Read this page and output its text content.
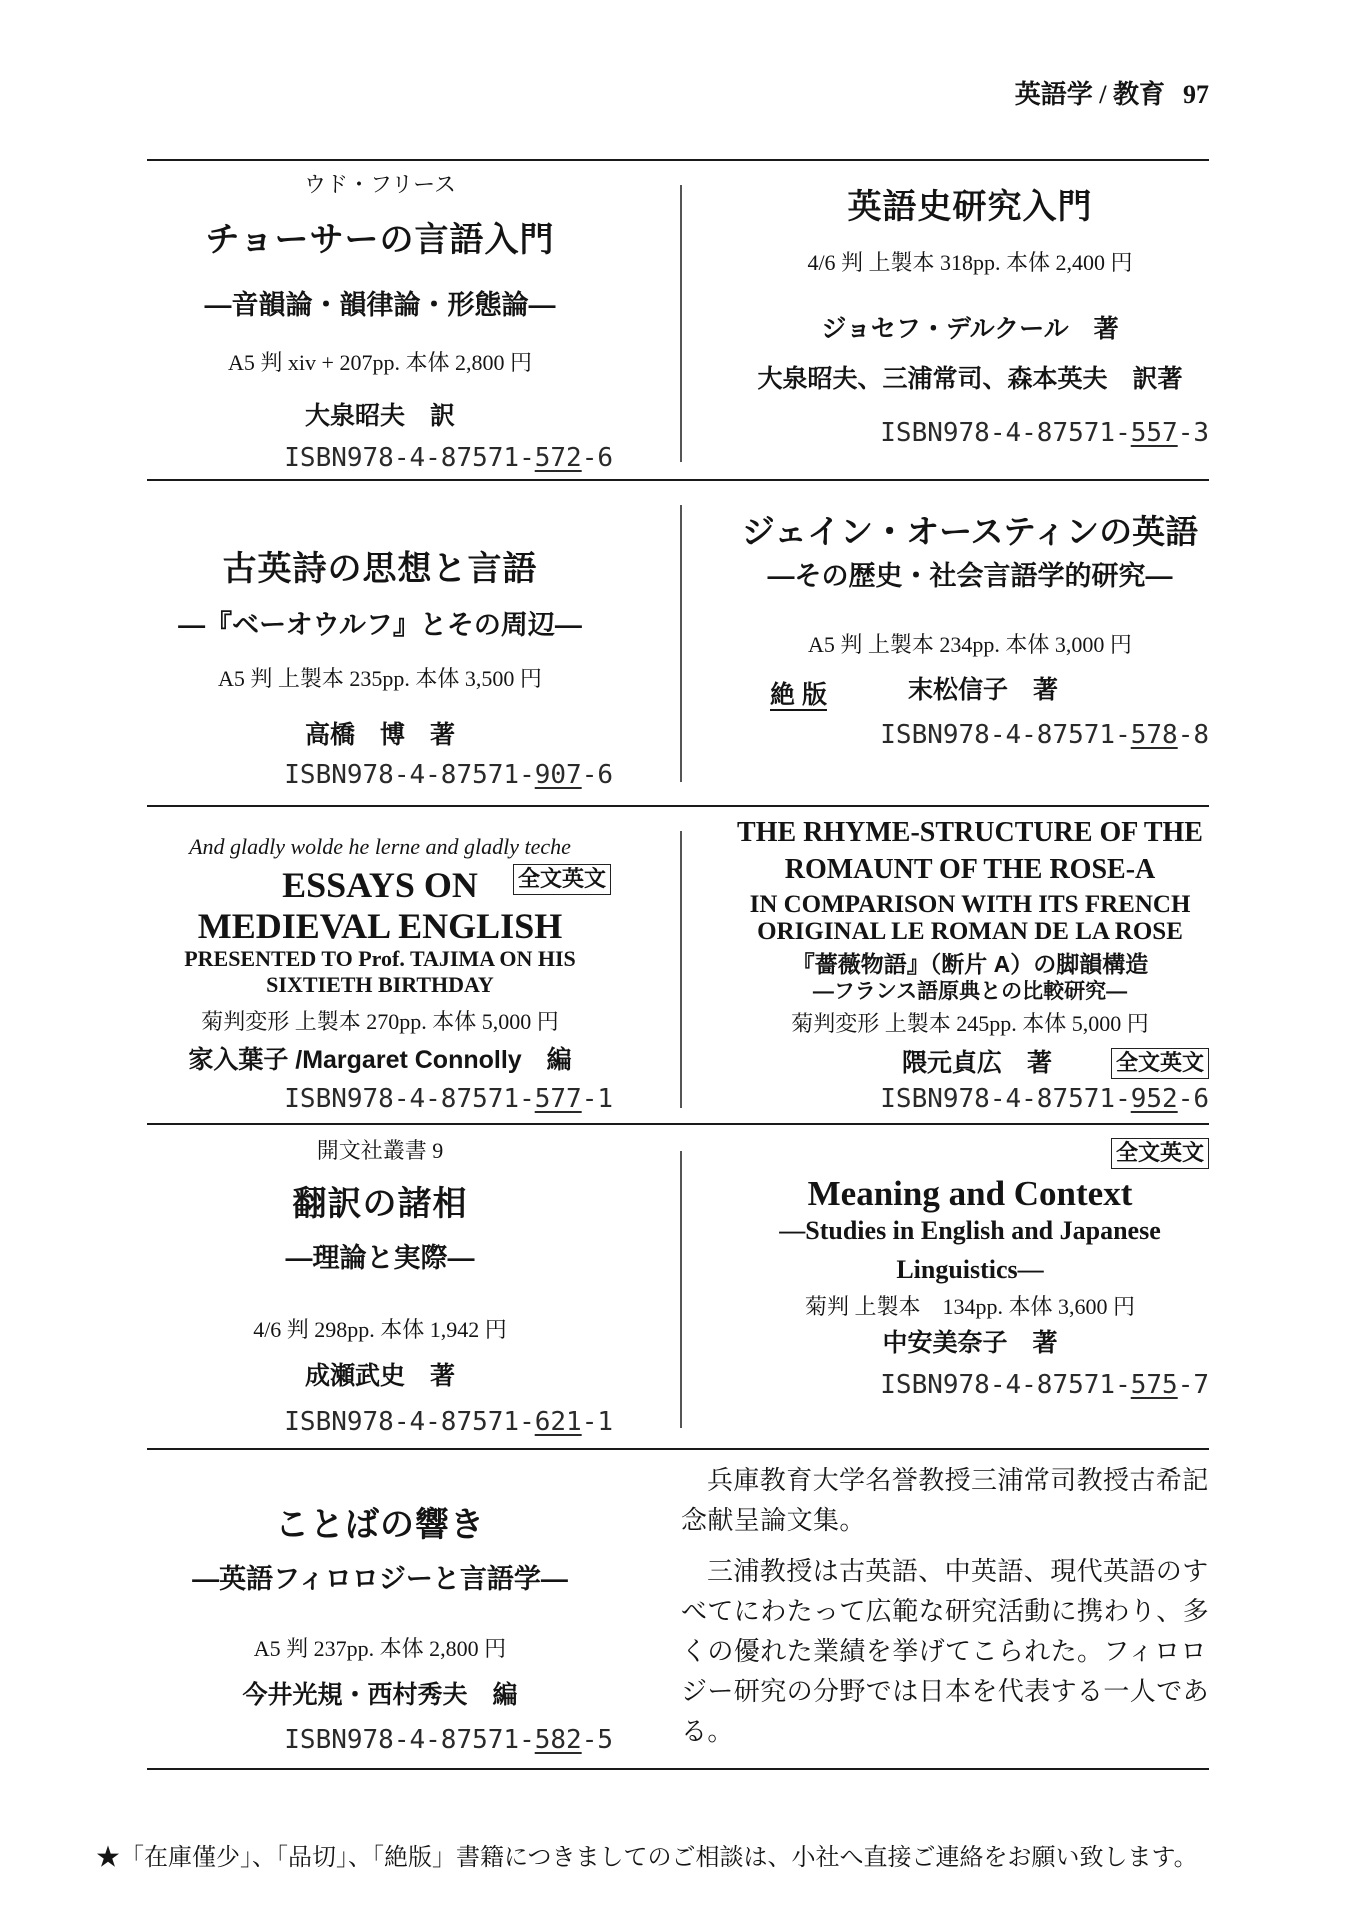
英語学 / 教育 97
ウド・フリース
チョーサーの言語入門
—音韻論・韻律論・形態論—
A5 判 xiv + 207pp. 本体 2,800 円
大泉昭夫　訳
ISBN978-4-87571-572-6
英語史研究入門
4/6 判 上製本 318pp. 本体 2,400 円
ジョセフ・デルクール　著
大泉昭夫、三浦常司、森本英夫　訳著
ISBN978-4-87571-557-3
古英詩の思想と言語
—『ベーオウルフ』とその周辺—
A5 判 上製本 235pp. 本体 3,500 円
高橋　博　著
ISBN978-4-87571-907-6
ジェイン・オースティンの英語
—その歴史・社会言語学的研究—
A5 判 上製本 234pp. 本体 3,000 円
絶 版	末松信子　著
ISBN978-4-87571-578-8
And gladly wolde he lerne and gladly teche
ESSAYS ON	全文英文
MEDIEVAL ENGLISH
PRESENTED TO Prof. TAJIMA ON HIS
SIXTIETH BIRTHDAY
菊判変形 上製本 270pp. 本体 5,000 円
家入葉子 /Margaret Connolly　編
ISBN978-4-87571-577-1
THE RHYME-STRUCTURE OF THE
ROMAUNT OF THE ROSE-A
IN COMPARISON WITH ITS FRENCH
ORIGINAL LE ROMAN DE LA ROSE
『薔薇物語』（断片 A）の脚韻構造
—フランス語原典との比較研究—
菊判変形 上製本 245pp. 本体 5,000 円
隈元貞広　著	全文英文
ISBN978-4-87571-952-6
開文社叢書 9
翻訳の諸相
—理論と実際—
4/6 判 298pp. 本体 1,942 円
成瀬武史　著
ISBN978-4-87571-621-1
全文英文
Meaning and Context
—Studies in English and Japanese
Linguistics—
菊判 上製本　134pp. 本体 3,600 円
中安美奈子　著
ISBN978-4-87571-575-7
ことばの響き
—英語フィロロジーと言語学—
A5 判 237pp. 本体 2,800 円
今井光規・西村秀夫　編
ISBN978-4-87571-582-5
兵庫教育大学名誉教授三浦常司教授古希記
念献呈論文集。
三浦教授は古英語、中英語、現代英語のす
べてにわたって広範な研究活動に携わり、多
くの優れた業績を挙げてこられた。フィロロ
ジー研究の分野では日本を代表する一人であ
る。
★「在庫僅少」、「品切」、「絶版」書籍につきましてのご相談は、小社へ直接ご連絡をお願い致します。
